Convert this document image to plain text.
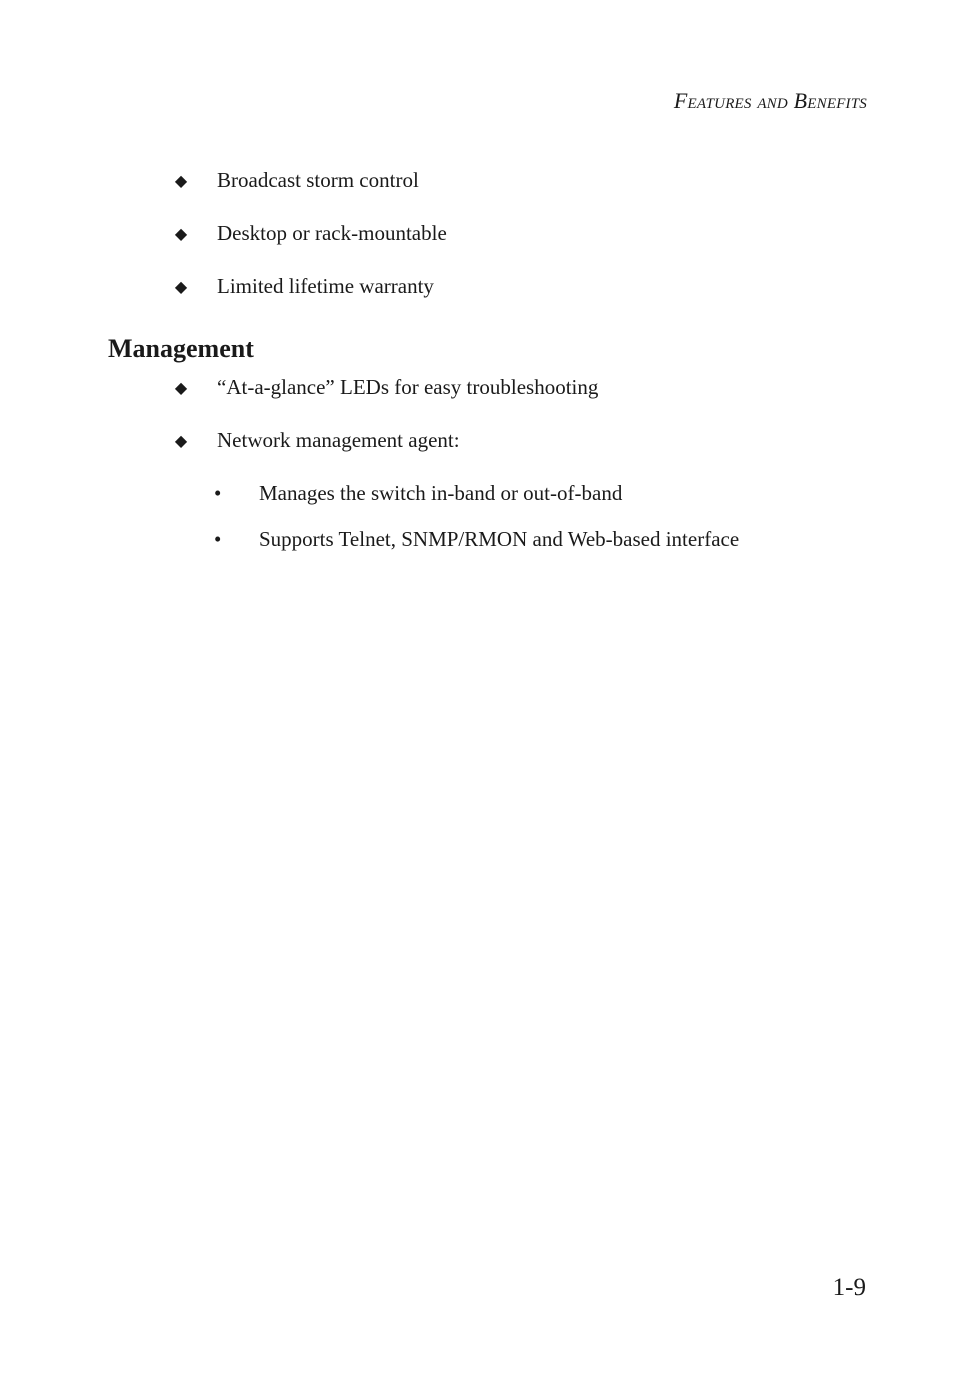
Features and Benefits
◆ Broadcast storm control
◆ Desktop or rack-mountable
◆ Limited lifetime warranty
Management
◆ “At-a-glance” LEDs for easy troubleshooting
◆ Network management agent:
•	Manages the switch in-band or out-of-band
•	Supports Telnet, SNMP/RMON and Web-based interface
1-9
